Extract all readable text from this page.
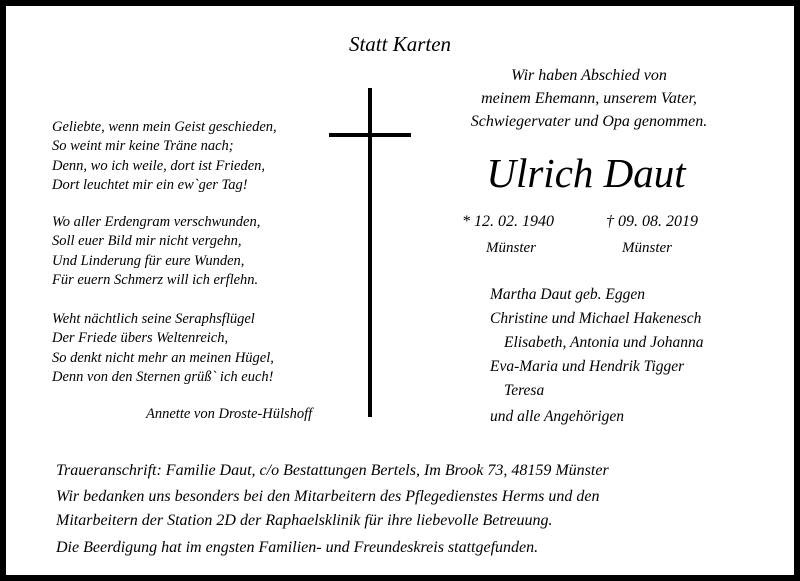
Statt Karten
Geliebte, wenn mein Geist geschieden,
So weint mir keine Träne nach;
Denn, wo ich weile, dort ist Frieden,
Dort leuchtet mir ein ew`ger Tag!
Wo aller Erdengram verschwunden,
Soll euer Bild mir nicht vergehn,
Und Linderung für eure Wunden,
Für euern Schmerz will ich erflehn.
Weht nächtlich seine Seraphsflügel
Der Friede übers Weltenreich,
So denkt nicht mehr an meinen Hügel,
Denn von den Sternen grüß` ich euch!
Annette von Droste-Hülshoff
Wir haben Abschied von
meinem Ehemann, unserem Vater,
Schwiegervater und Opa genommen.
Ulrich Daut
* 12. 02. 1940	† 09. 08. 2019
Münster	Münster
Martha Daut geb. Eggen
Christine und Michael Hakenesch
Elisabeth, Antonia und Johanna
Eva-Maria und Hendrik Tigger
Teresa
und alle Angehörigen
Traueranschrift: Familie Daut, c/o Bestattungen Bertels, Im Brook 73, 48159 Münster
Wir bedanken uns besonders bei den Mitarbeitern des Pflegedienstes Herms und den
Mitarbeitern der Station 2D der Raphaelsklinik für ihre liebevolle Betreuung.
Die Beerdigung hat im engsten Familien- und Freundeskreis stattgefunden.
